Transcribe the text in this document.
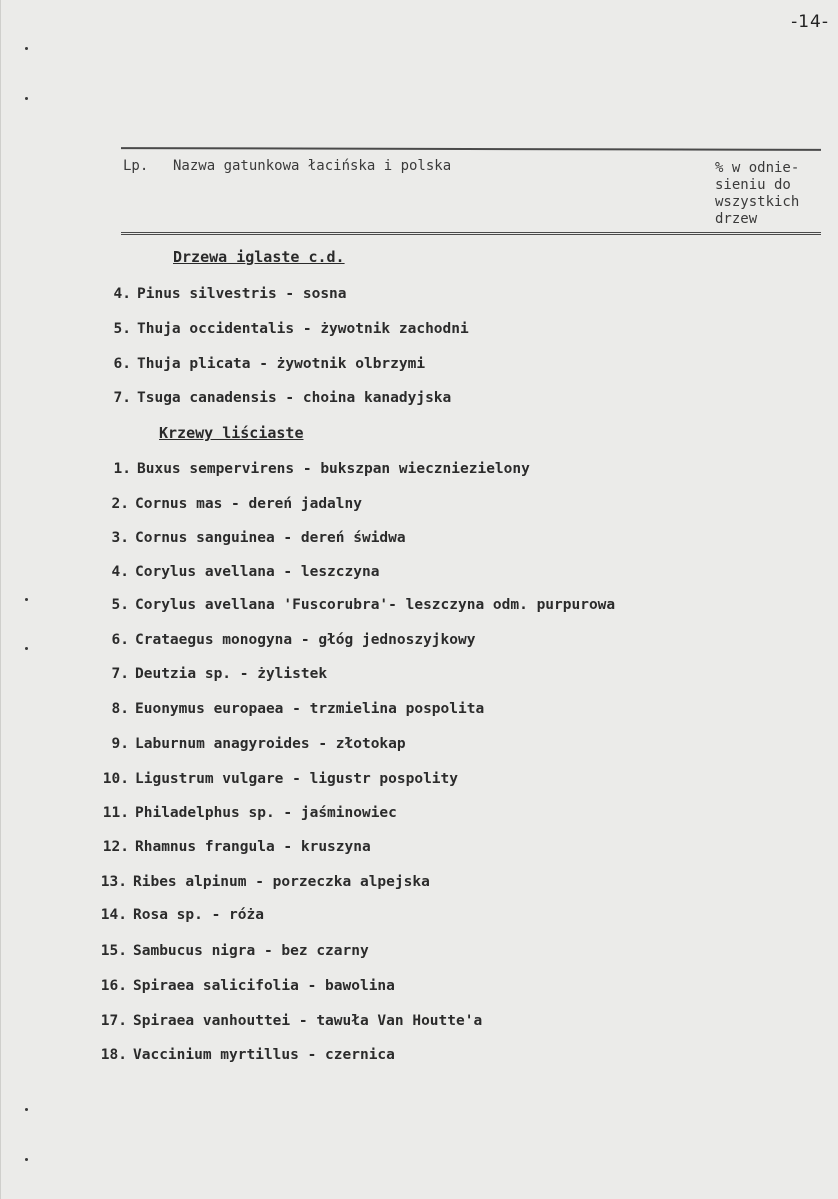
-14-
Lp. Nazwa gatunkowa łacińska i polska	% w odnie-
sieniu do
wszystkich
drzew
Drzewa iglaste c.d.
4. Pinus silvestris - sosna
5. Thuja occidentalis - żywotnik zachodni
6. Thuja plicata - żywotnik olbrzymi
7. Tsuga canadensis - choina kanadyjska
Krzewy liściaste
1. Buxus sempervirens - bukszpan wieczniezielony
2. Cornus mas - dereń jadalny
3. Cornus sanguinea - dereń świdwa
4. Corylus avellana - leszczyna
5. Corylus avellana 'Fuscorubra'- leszczyna odm. purpurowa
6. Crataegus monogyna - głóg jednoszyjkowy
7. Deutzia sp. - żylistek
8. Euonymus europaea - trzmielina pospolita
9. Laburnum anagyroides - złotokap
10. Ligustrum vulgare - ligustr pospolity
11. Philadelphus sp. - jaśminowiec
12. Rhamnus frangula - kruszyna
13. Ribes alpinum - porzeczka alpejska
14. Rosa sp. - róża
15. Sambucus nigra - bez czarny
16. Spiraea salicifolia - bawolina
17. Spiraea vanhouttei - tawuła Van Houtte'a
18. Vaccinium myrtillus - czernica
